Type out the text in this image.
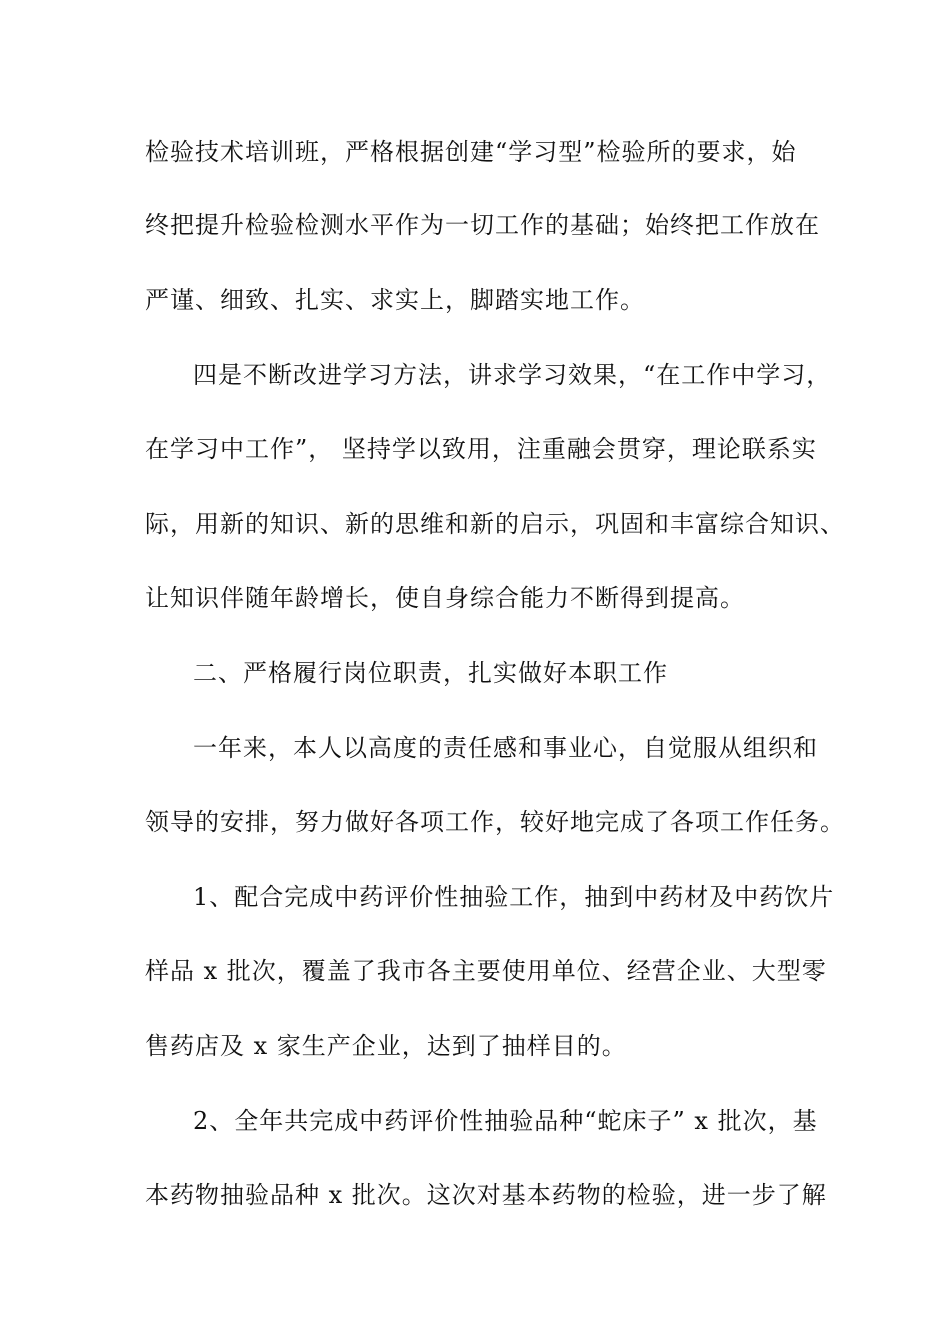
检验技术培训班，严格根据创建“学习型”检验所的要求，始
终把提升检验检测水平作为一切工作的基础；始终把工作放在
严谨、细致、扎实、求实上，脚踏实地工作。
四是不断改进学习方法，讲求学习效果，“在工作中学习，
在学习中工作”， 坚持学以致用，注重融会贯穿，理论联系实
际，用新的知识、新的思维和新的启示，巩固和丰富综合知识、
让知识伴随年龄增长，使自身综合能力不断得到提高。
二、严格履行岗位职责，扎实做好本职工作
一年来，本人以高度的责任感和事业心，自觉服从组织和
领导的安排，努力做好各项工作，较好地完成了各项工作任务。
1、配合完成中药评价性抽验工作，抽到中药材及中药饮片
样品 x 批次，覆盖了我市各主要使用单位、经营企业、大型零
售药店及 x 家生产企业，达到了抽样目的。
2、全年共完成中药评价性抽验品种“蛇床子” x 批次，基
本药物抽验品种 x 批次。这次对基本药物的检验，进一步了解
